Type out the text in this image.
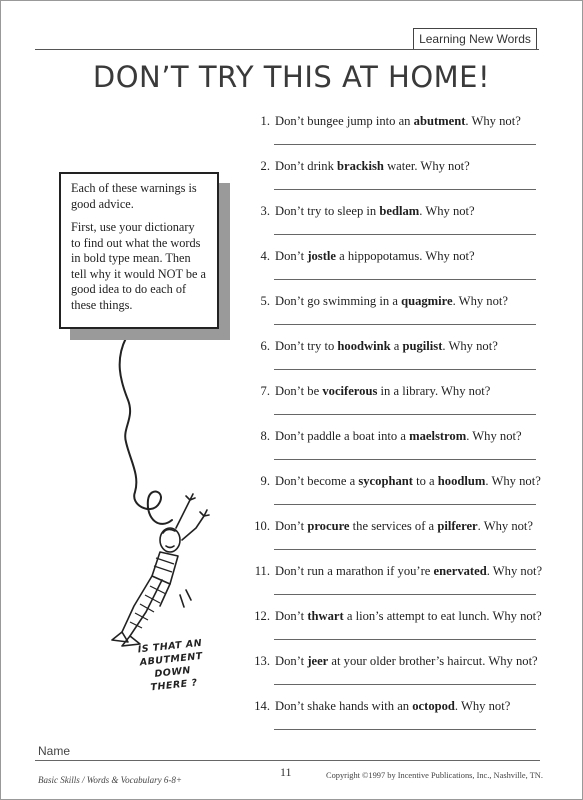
Learning New Words
DON’T TRY THIS AT HOME!

Each of these warnings is good advice.

First, use your dictionary to find out what the words in bold type mean. Then tell why it would NOT be a good idea to do each of these things.

IS THAT AN
ABUTMENT
DOWN
THERE ?
1. Don’t bungee jump into an abutment. Why not?
2. Don’t drink brackish water. Why not?
3. Don’t try to sleep in bedlam. Why not?
4. Don’t jostle a hippopotamus. Why not?
5. Don’t go swimming in a quagmire. Why not?
6. Don’t try to hoodwink a pugilist. Why not?
7. Don’t be vociferous in a library. Why not?
8. Don’t paddle a boat into a maelstrom. Why not?
9. Don’t become a sycophant to a hoodlum. Why not?
10. Don’t procure the services of a pilferer. Why not?
11. Don’t run a marathon if you’re enervated. Why not?
12. Don’t thwart a lion’s attempt to eat lunch. Why not?
13. Don’t jeer at your older brother’s haircut. Why not?
14. Don’t shake hands with an octopod. Why not?
Name
Basic Skills / Words & Vocabulary 6-8+
11	Copyright ©1997 by Incentive Publications, Inc., Nashville, TN.
